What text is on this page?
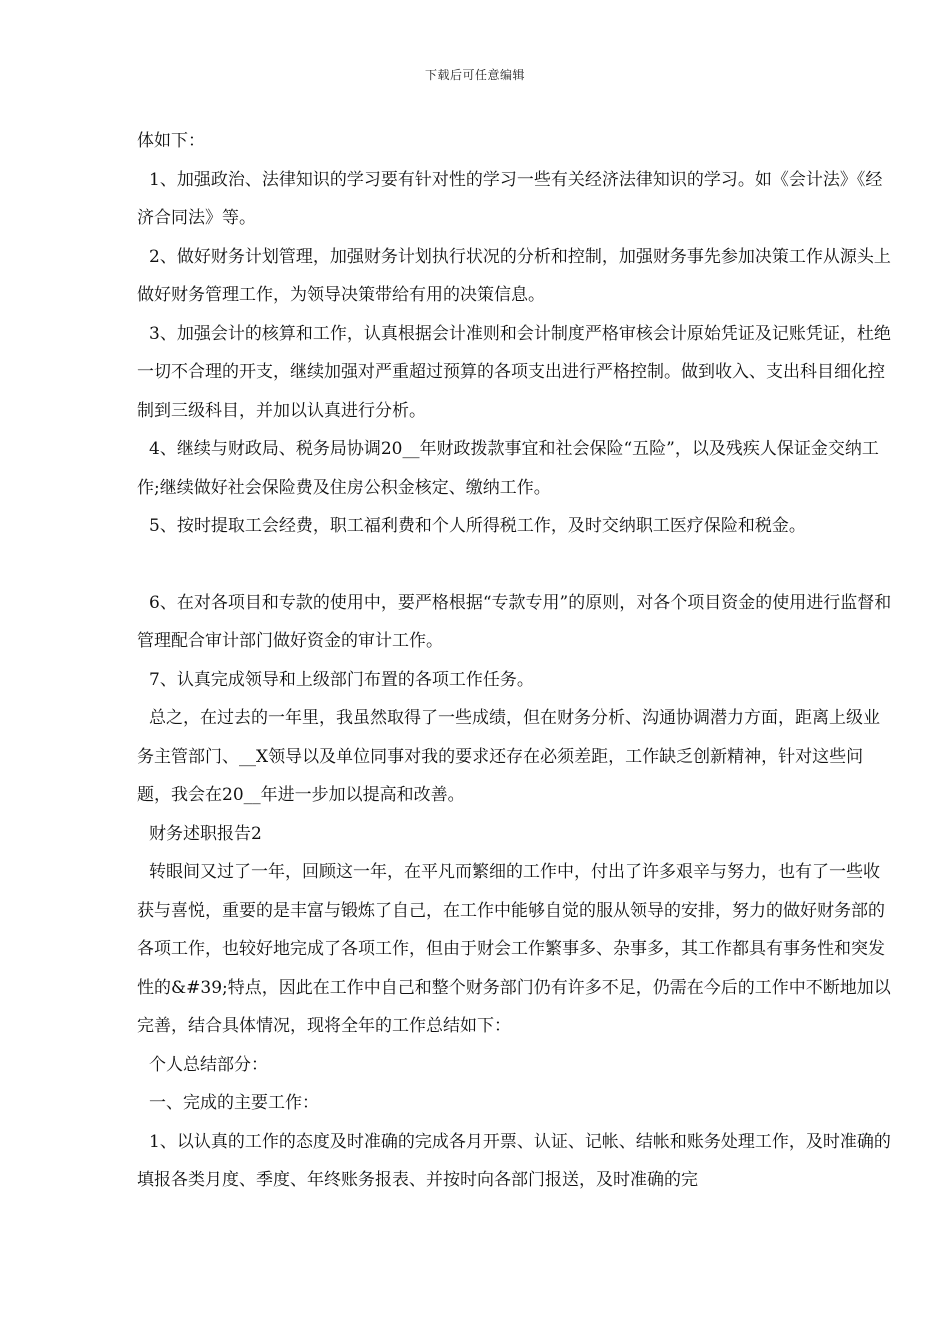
下载后可任意编辑

体如下：

1、加强政治、法律知识的学习要有针对性的学习一些有关经济法律知识的学习。如《会计法》《经济合同法》等。

2、做好财务计划管理，加强财务计划执行状况的分析和控制，加强财务事先参加决策工作从源头上做好财务管理工作，为领导决策带给有用的决策信息。

3、加强会计的核算和工作，认真根据会计准则和会计制度严格审核会计原始凭证及记账凭证，杜绝一切不合理的开支，继续加强对严重超过预算的各项支出进行严格控制。做到收入、支出科目细化控制到三级科目，并加以认真进行分析。

4、继续与财政局、税务局协调20__年财政拨款事宜和社会保险“五险”，以及残疾人保证金交纳工作;继续做好社会保险费及住房公积金核定、缴纳工作。

5、按时提取工会经费，职工福利费和个人所得税工作，及时交纳职工医疗保险和税金。

6、在对各项目和专款的使用中，要严格根据“专款专用”的原则，对各个项目资金的使用进行监督和管理配合审计部门做好资金的审计工作。

7、认真完成领导和上级部门布置的各项工作任务。

总之，在过去的一年里，我虽然取得了一些成绩，但在财务分析、沟通协调潜力方面，距离上级业务主管部门、__X领导以及单位同事对我的要求还存在必须差距，工作缺乏创新精神，针对这些问题，我会在20__年进一步加以提高和改善。

财务述职报告2

转眼间又过了一年，回顾这一年，在平凡而繁细的工作中，付出了许多艰辛与努力，也有了一些收获与喜悦，重要的是丰富与锻炼了自己，在工作中能够自觉的服从领导的安排，努力的做好财务部的各项工作，也较好地完成了各项工作，但由于财会工作繁事多、杂事多，其工作都具有事务性和突发性的&#39;特点，因此在工作中自己和整个财务部门仍有许多不足，仍需在今后的工作中不断地加以完善，结合具体情况，现将全年的工作总结如下：

个人总结部分：

一、完成的主要工作：

1、以认真的工作的态度及时准确的完成各月开票、认证、记帐、结帐和账务处理工作，及时准确的填报各类月度、季度、年终账务报表、并按时向各部门报送，及时准确的完
